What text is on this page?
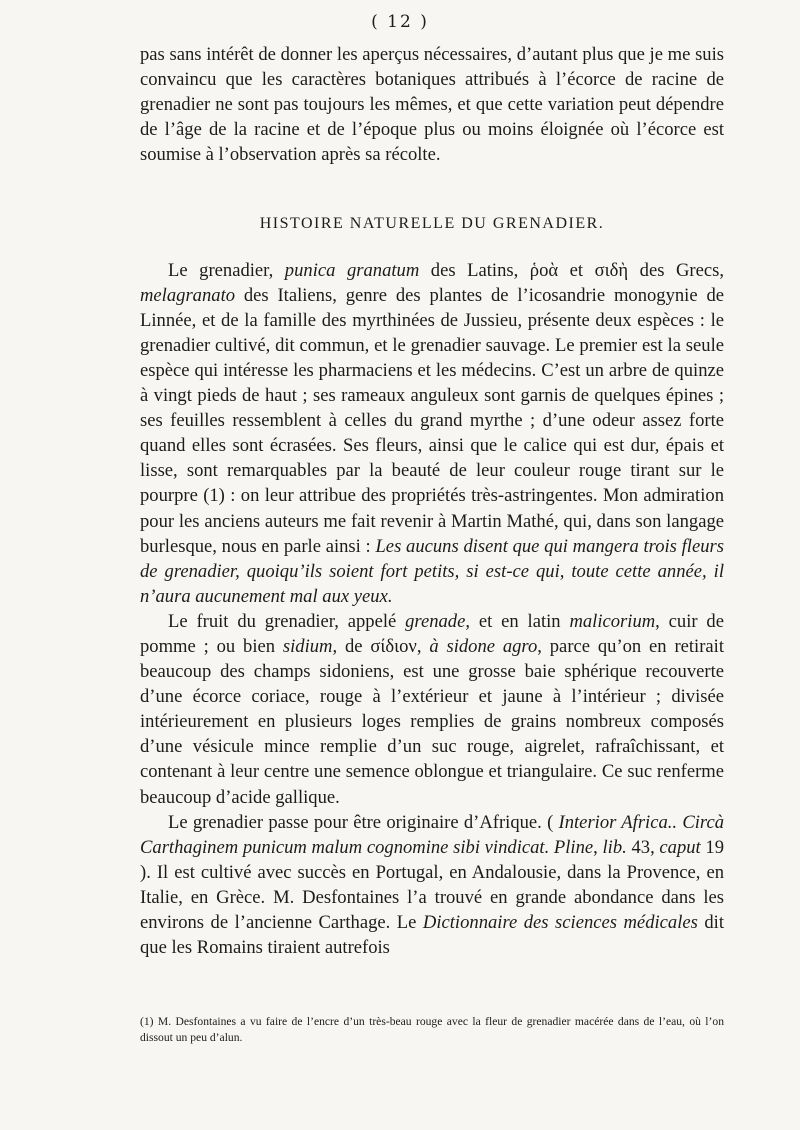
( 12 )

pas sans intérêt de donner les aperçus nécessaires, d’autant plus que je me suis convaincu que les caractères botaniques attribués à l’écorce de racine de grenadier ne sont pas toujours les mêmes, et que cette variation peut dépendre de l’âge de la racine et de l’époque plus ou moins éloignée où l’écorce est soumise à l’observation après sa récolte.

HISTOIRE NATURELLE DU GRENADIER.

Le grenadier, punica granatum des Latins, ῥοὰ et σιδὴ des Grecs, melagranato des Italiens, genre des plantes de l’icosandrie monogynie de Linnée, et de la famille des myrthinées de Jussieu, présente deux espèces : le grenadier cultivé, dit commun, et le grenadier sauvage. Le premier est la seule espèce qui intéresse les pharmaciens et les médecins. C’est un arbre de quinze à vingt pieds de haut ; ses rameaux anguleux sont garnis de quelques épines ; ses feuilles ressemblent à celles du grand myrthe ; d’une odeur assez forte quand elles sont écrasées. Ses fleurs, ainsi que le calice qui est dur, épais et lisse, sont remarquables par la beauté de leur couleur rouge tirant sur le pourpre (1) : on leur attribue des propriétés très-astringentes. Mon admiration pour les anciens auteurs me fait revenir à Martin Mathé, qui, dans son langage burlesque, nous en parle ainsi : Les aucuns disent que qui mangera trois fleurs de grenadier, quoiqu’ils soient fort petits, si est-ce qui, toute cette année, il n’aura aucunement mal aux yeux.

Le fruit du grenadier, appelé grenade, et en latin malicorium, cuir de pomme ; ou bien sidium, de σίδιον, à sidone agro, parce qu’on en retirait beaucoup des champs sidoniens, est une grosse baie sphérique recouverte d’une écorce coriace, rouge à l’extérieur et jaune à l’intérieur ; divisée intérieurement en plusieurs loges remplies de grains nombreux composés d’une vésicule mince remplie d’un suc rouge, aigrelet, rafraîchissant, et contenant à leur centre une semence oblongue et triangulaire. Ce suc renferme beaucoup d’acide gallique.

Le grenadier passe pour être originaire d’Afrique. ( Interior Africa.. Circà Carthaginem punicum malum cognomine sibi vindicat. Pline, lib. 43, caput 19 ). Il est cultivé avec succès en Portugal, en Andalousie, dans la Provence, en Italie, en Grèce. M. Desfontaines l’a trouvé en grande abondance dans les environs de l’ancienne Carthage. Le Dictionnaire des sciences médicales dit que les Romains tiraient autrefois

(1) M. Desfontaines a vu faire de l’encre d’un très-beau rouge avec la fleur de grenadier macérée dans de l’eau, où l’on dissout un peu d’alun.
